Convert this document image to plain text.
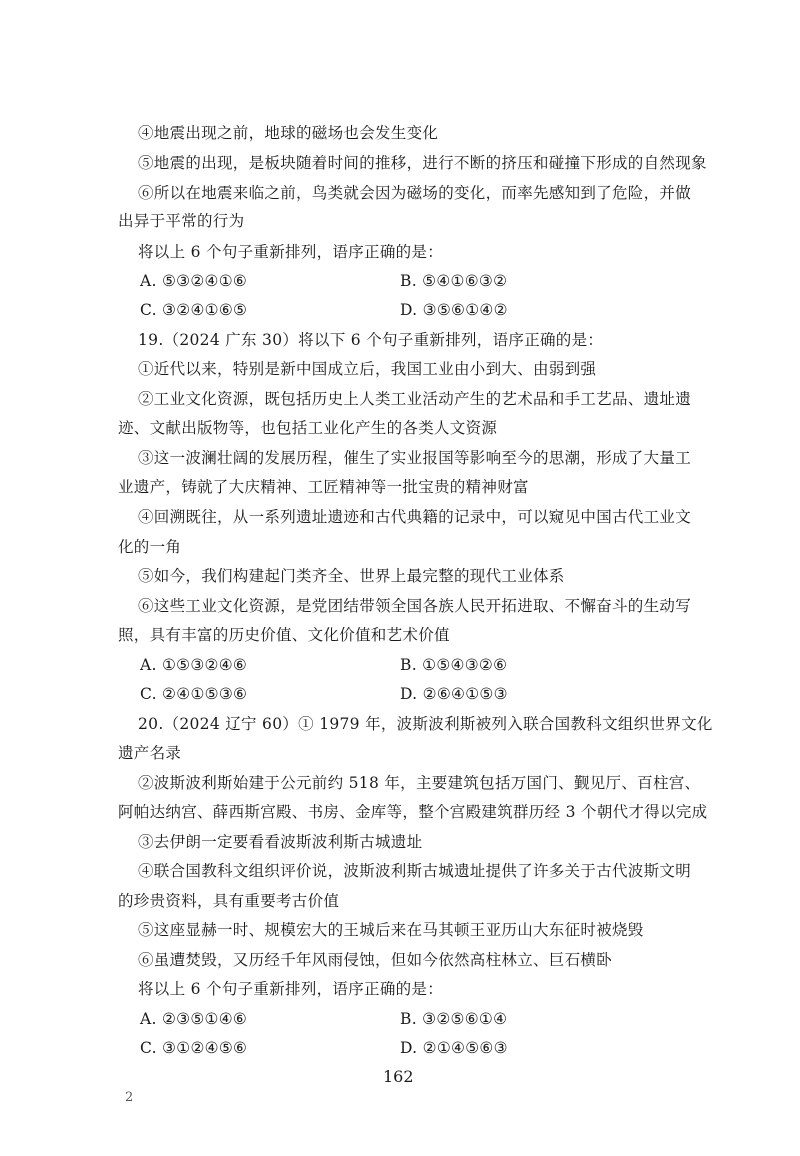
④地震出现之前，地球的磁场也会发生变化
⑤地震的出现，是板块随着时间的推移，进行不断的挤压和碰撞下形成的自然现象
⑥所以在地震来临之前，鸟类就会因为磁场的变化，而率先感知到了危险，并做
出异于平常的行为
将以上 6 个句子重新排列，语序正确的是：
A. ⑤③②④①⑥	B. ⑤④①⑥③②
C. ③②④①⑥⑤	D. ③⑤⑥①④②
19.（2024 广东 30）将以下 6 个句子重新排列，语序正确的是：
①近代以来，特别是新中国成立后，我国工业由小到大、由弱到强
②工业文化资源，既包括历史上人类工业活动产生的艺术品和手工艺品、遗址遗
迹、文献出版物等，也包括工业化产生的各类人文资源
③这一波澜壮阔的发展历程，催生了实业报国等影响至今的思潮，形成了大量工
业遗产，铸就了大庆精神、工匠精神等一批宝贵的精神财富
④回溯既往，从一系列遗址遗迹和古代典籍的记录中，可以窥见中国古代工业文
化的一角
⑤如今，我们构建起门类齐全、世界上最完整的现代工业体系
⑥这些工业文化资源，是党团结带领全国各族人民开拓进取、不懈奋斗的生动写
照，具有丰富的历史价值、文化价值和艺术价值
A. ①⑤③②④⑥	B. ①⑤④③②⑥
C. ②④①⑤③⑥	D. ②⑥④①⑤③
20.（2024 辽宁 60）① 1979 年，波斯波利斯被列入联合国教科文组织世界文化
遗产名录
②波斯波利斯始建于公元前约 518 年，主要建筑包括万国门、觐见厅、百柱宫、
阿帕达纳宫、薛西斯宫殿、书房、金库等，整个宫殿建筑群历经 3 个朝代才得以完成
③去伊朗一定要看看波斯波利斯古城遗址
④联合国教科文组织评价说，波斯波利斯古城遗址提供了许多关于古代波斯文明
的珍贵资料，具有重要考古价值
⑤这座显赫一时、规模宏大的王城后来在马其顿王亚历山大东征时被烧毁
⑥虽遭焚毁，又历经千年风雨侵蚀，但如今依然高柱林立、巨石横卧
将以上 6 个句子重新排列，语序正确的是：
A. ②③⑤①④⑥	B. ③②⑤⑥①④
C. ③①②④⑤⑥	D. ②①④⑤⑥③
162
2
